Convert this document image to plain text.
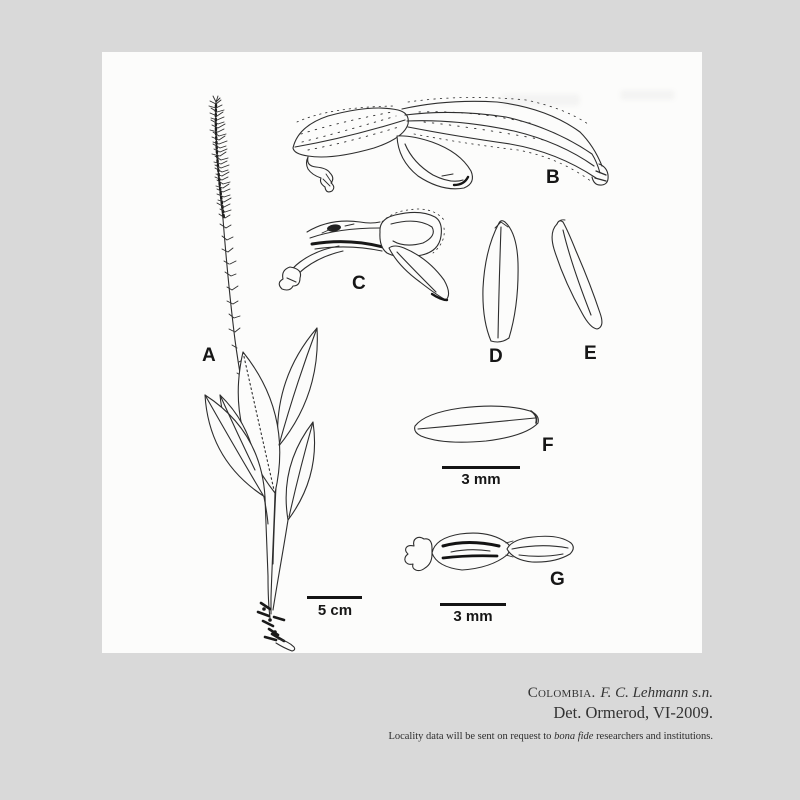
A
B
C
D	E
F
G
5 cm
3 mm
3 mm
Colombia. F. C. Lehmann s.n.
Det. Ormerod, VI-2009.
Locality data will be sent on request to bona fide researchers and institutions.
